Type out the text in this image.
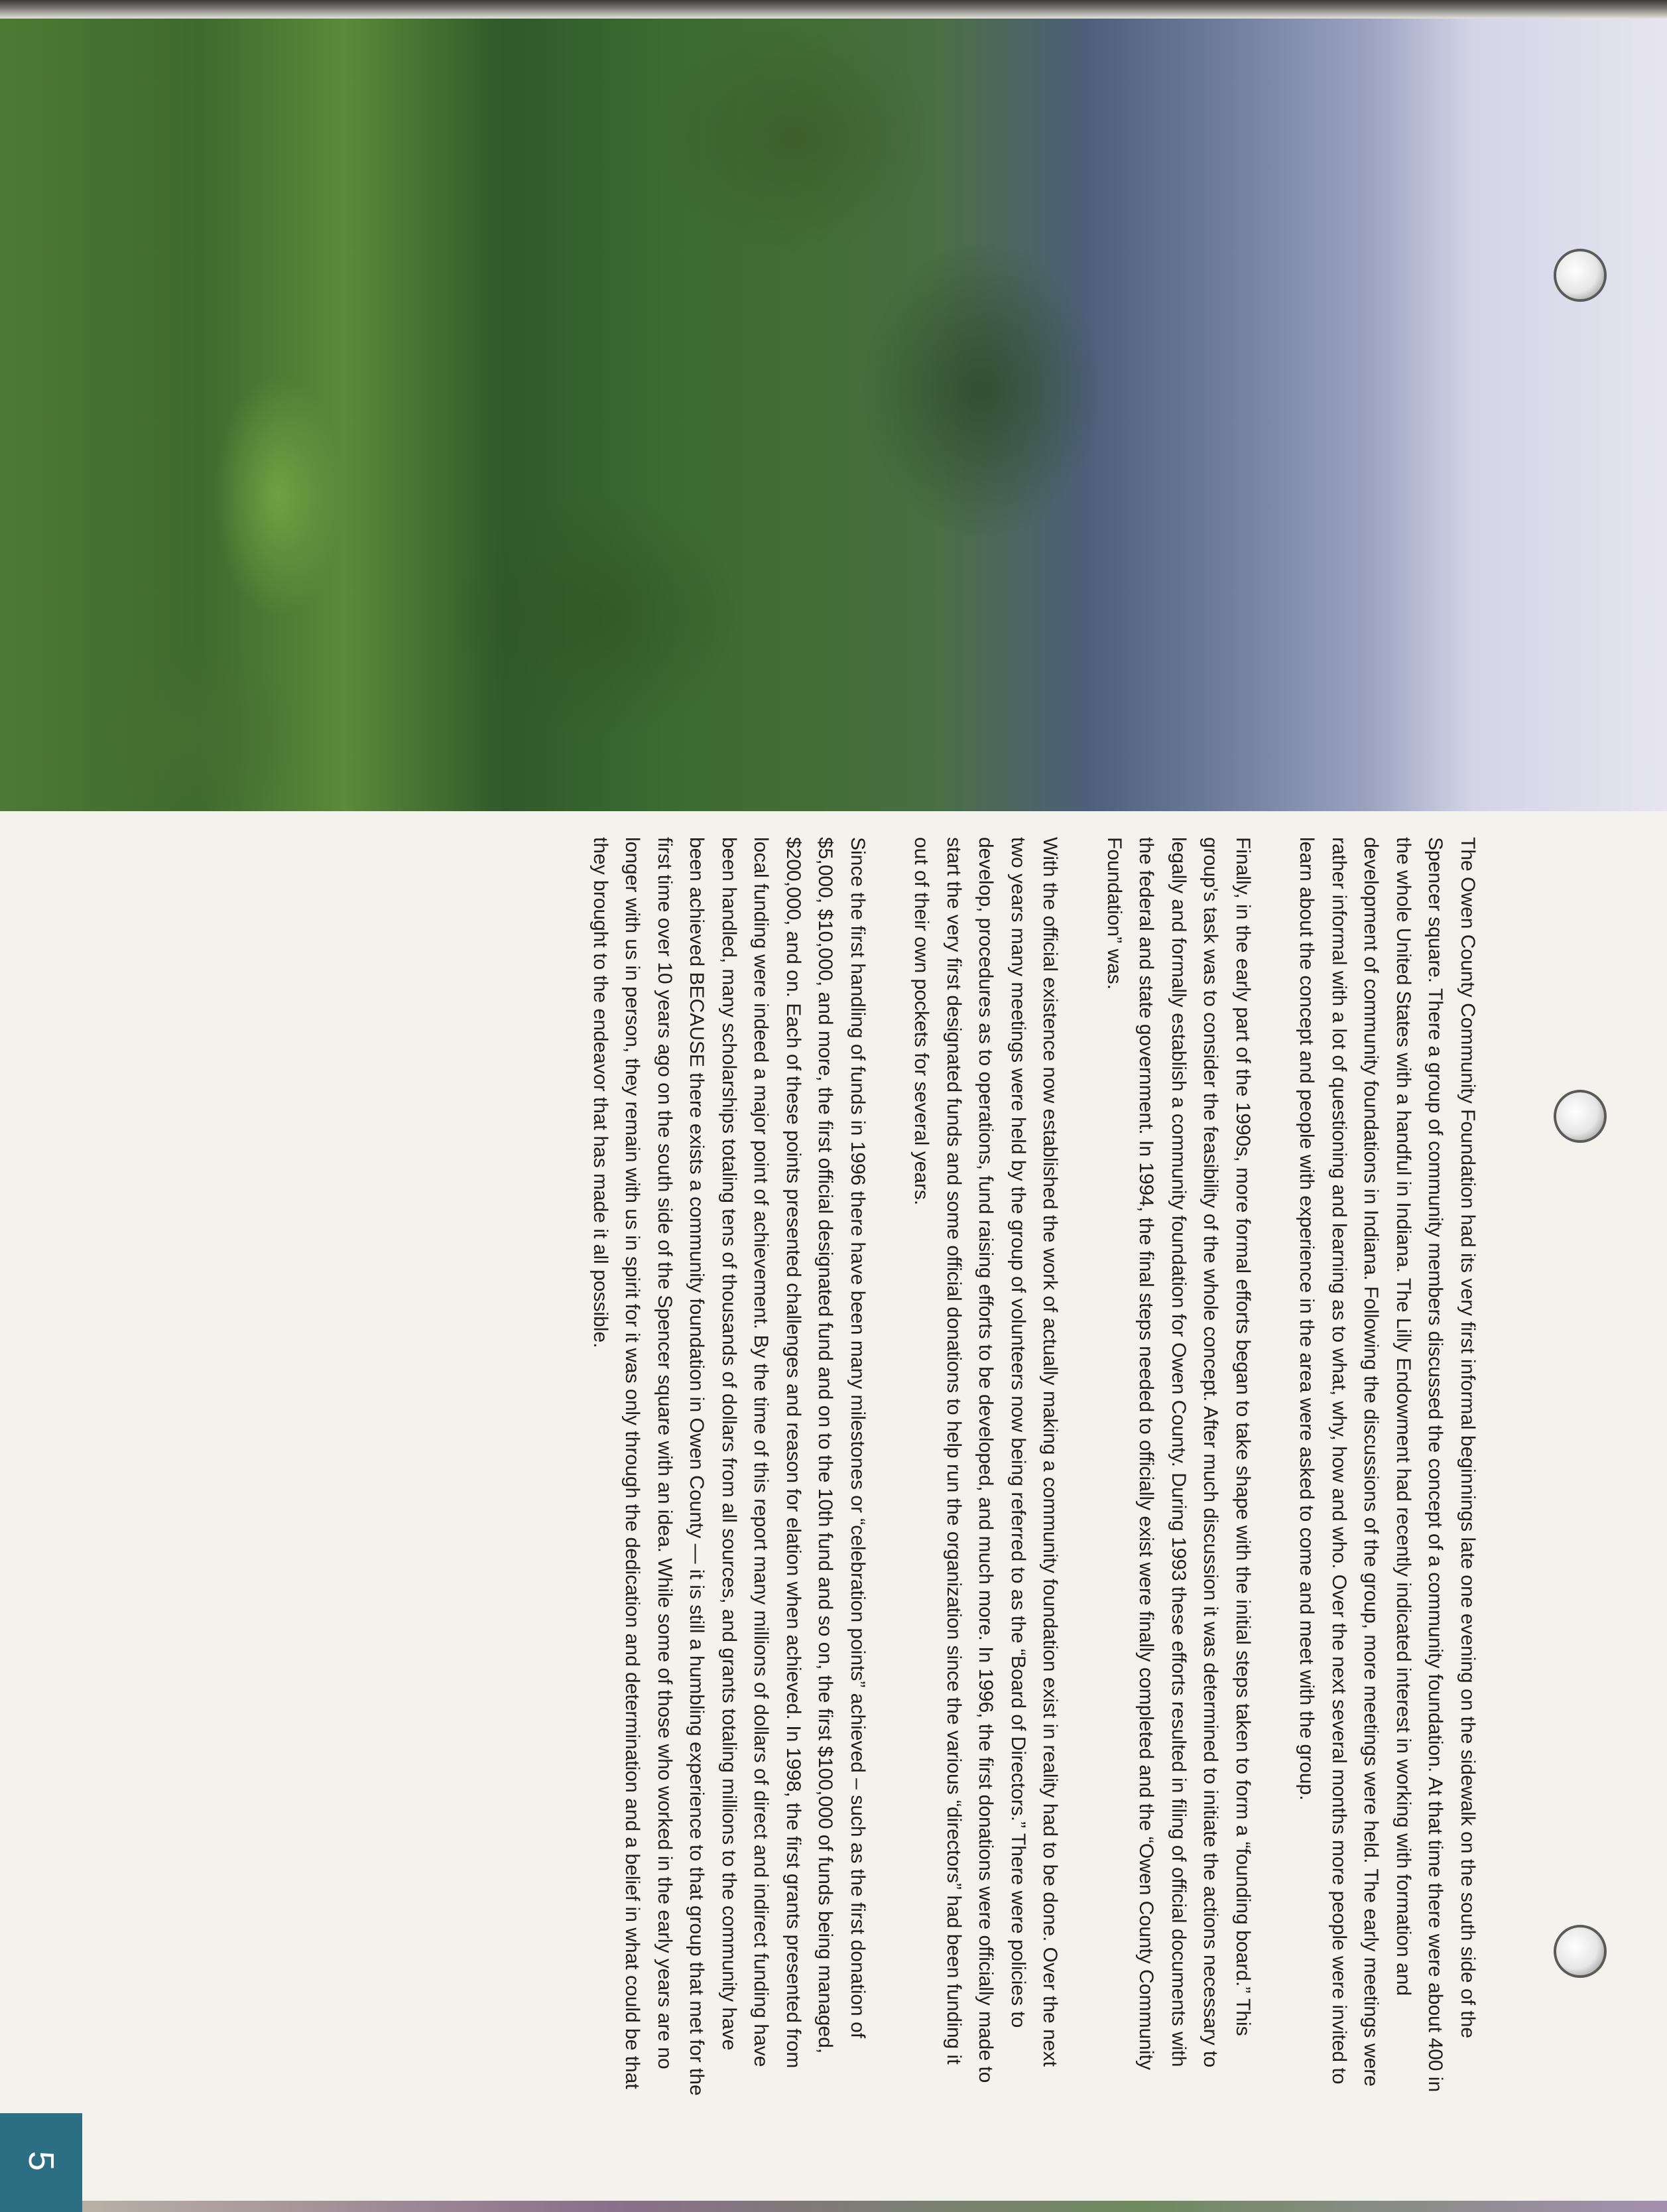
The Owen County Community Foundation had its very first informal beginnings late one evening on the sidewalk on the south side of the Spencer square. There a group of community members discussed the concept of a community foundation. At that time there were about 400 in the whole United States with a handful in Indiana. The Lilly Endowment had recently indicated interest in working with formation and development of community foundations in Indiana. Following the discussions of the group, more meetings were held. The early meetings were rather informal with a lot of questioning and learning as to what, why, how and who. Over the next several months more people were invited to learn about the concept and people with experience in the area were asked to come and meet with the group.

Finally, in the early part of the 1990s, more formal efforts began to take shape with the initial steps taken to form a “founding board.” This group's task was to consider the feasibility of the whole concept. After much discussion it was determined to initiate the actions necessary to legally and formally establish a community foundation for Owen County. During 1993 these efforts resulted in filing of official documents with the federal and state government. In 1994, the final steps needed to officially exist were finally completed and the “Owen County Community Foundation” was.

With the official existence now established the work of actually making a community foundation exist in reality had to be done. Over the next two years many meetings were held by the group of volunteers now being referred to as the “Board of Directors.” There were policies to develop, procedures as to operations, fund raising efforts to be developed, and much more. In 1996, the first donations were officially made to start the very first designated funds and some official donations to help run the organization since the various “directors” had been funding it out of their own pockets for several years.

Since the first handling of funds in 1996 there have been many milestones or “celebration points” achieved – such as the first donation of $5,000, $10,000, and more, the first official designated fund and on to the 10th fund and so on, the first $100,000 of funds being managed, $200,000, and on. Each of these points presented challenges and reason for elation when achieved. In 1998, the first grants presented from local funding were indeed a major point of achievement. By the time of this report many millions of dollars of direct and indirect funding have been handled, many scholarships totaling tens of thousands of dollars from all sources, and grants totaling millions to the community have been achieved BECAUSE there exists a community foundation in Owen County — it is still a humbling experience to that group that met for the first time over 10 years ago on the south side of the Spencer square with an idea. While some of those who worked in the early years are no longer with us in person, they remain with us in spirit for it was only through the dedication and determination and a belief in what could be that they brought to the endeavor that has made it all possible.

5
